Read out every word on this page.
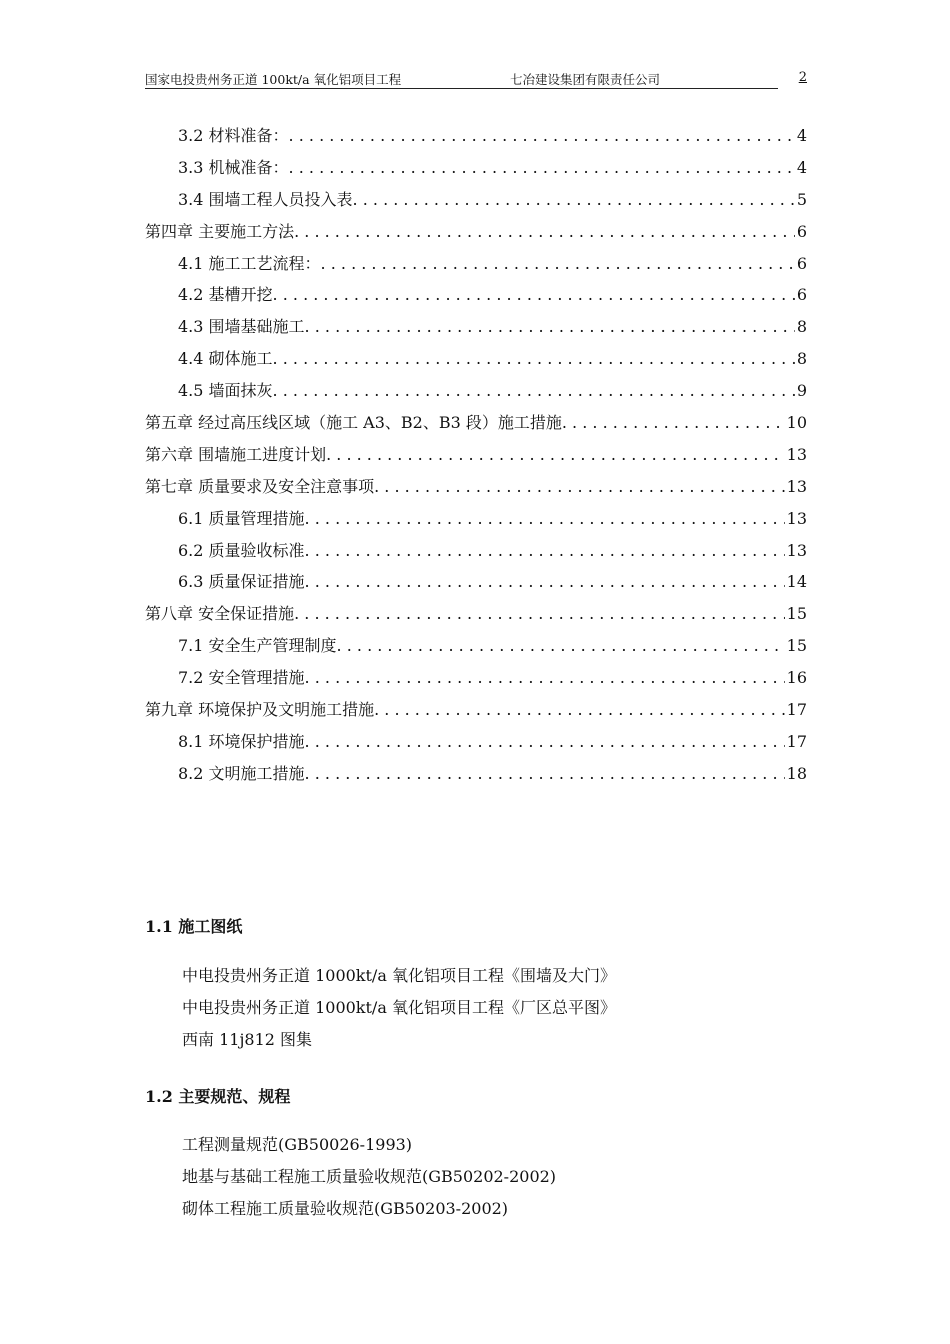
国家电投贵州务正道 100kt/a 氧化铝项目工程	七冶建设集团有限责任公司	2
3.2 材料准备： . . .	4
3.3 机械准备： . . .	4
3.4 围墙工程人员投入表 . . .	5
第四章 主要施工方法 . . .	6
4.1 施工工艺流程： . . .	6
4.2 基槽开挖 . . .	6
4.3 围墙基础施工 . . .	8
4.4 砌体施工 . . .	8
4.5 墙面抹灰 . . .	9
第五章 经过高压线区域（施工 A3、B2、B3 段）施工措施 . . .	10
第六章 围墙施工进度计划 . . .	13
第七章 质量要求及安全注意事项 . . .	13
6.1 质量管理措施 . . .	13
6.2 质量验收标准 . . .	13
6.3 质量保证措施 . . .	14
第八章 安全保证措施 . . .	15
7.1 安全生产管理制度 . . .	15
7.2 安全管理措施 . . .	16
第九章 环境保护及文明施工措施 . . .	17
8.1 环境保护措施 . . .	17
8.2 文明施工措施 . . .	18
1.1 施工图纸
中电投贵州务正道 1000kt/a 氧化铝项目工程《围墙及大门》
中电投贵州务正道 1000kt/a 氧化铝项目工程《厂区总平图》
西南 11j812 图集
1.2 主要规范、规程
工程测量规范(GB50026-1993)
地基与基础工程施工质量验收规范(GB50202-2002)
砌体工程施工质量验收规范(GB50203-2002)
